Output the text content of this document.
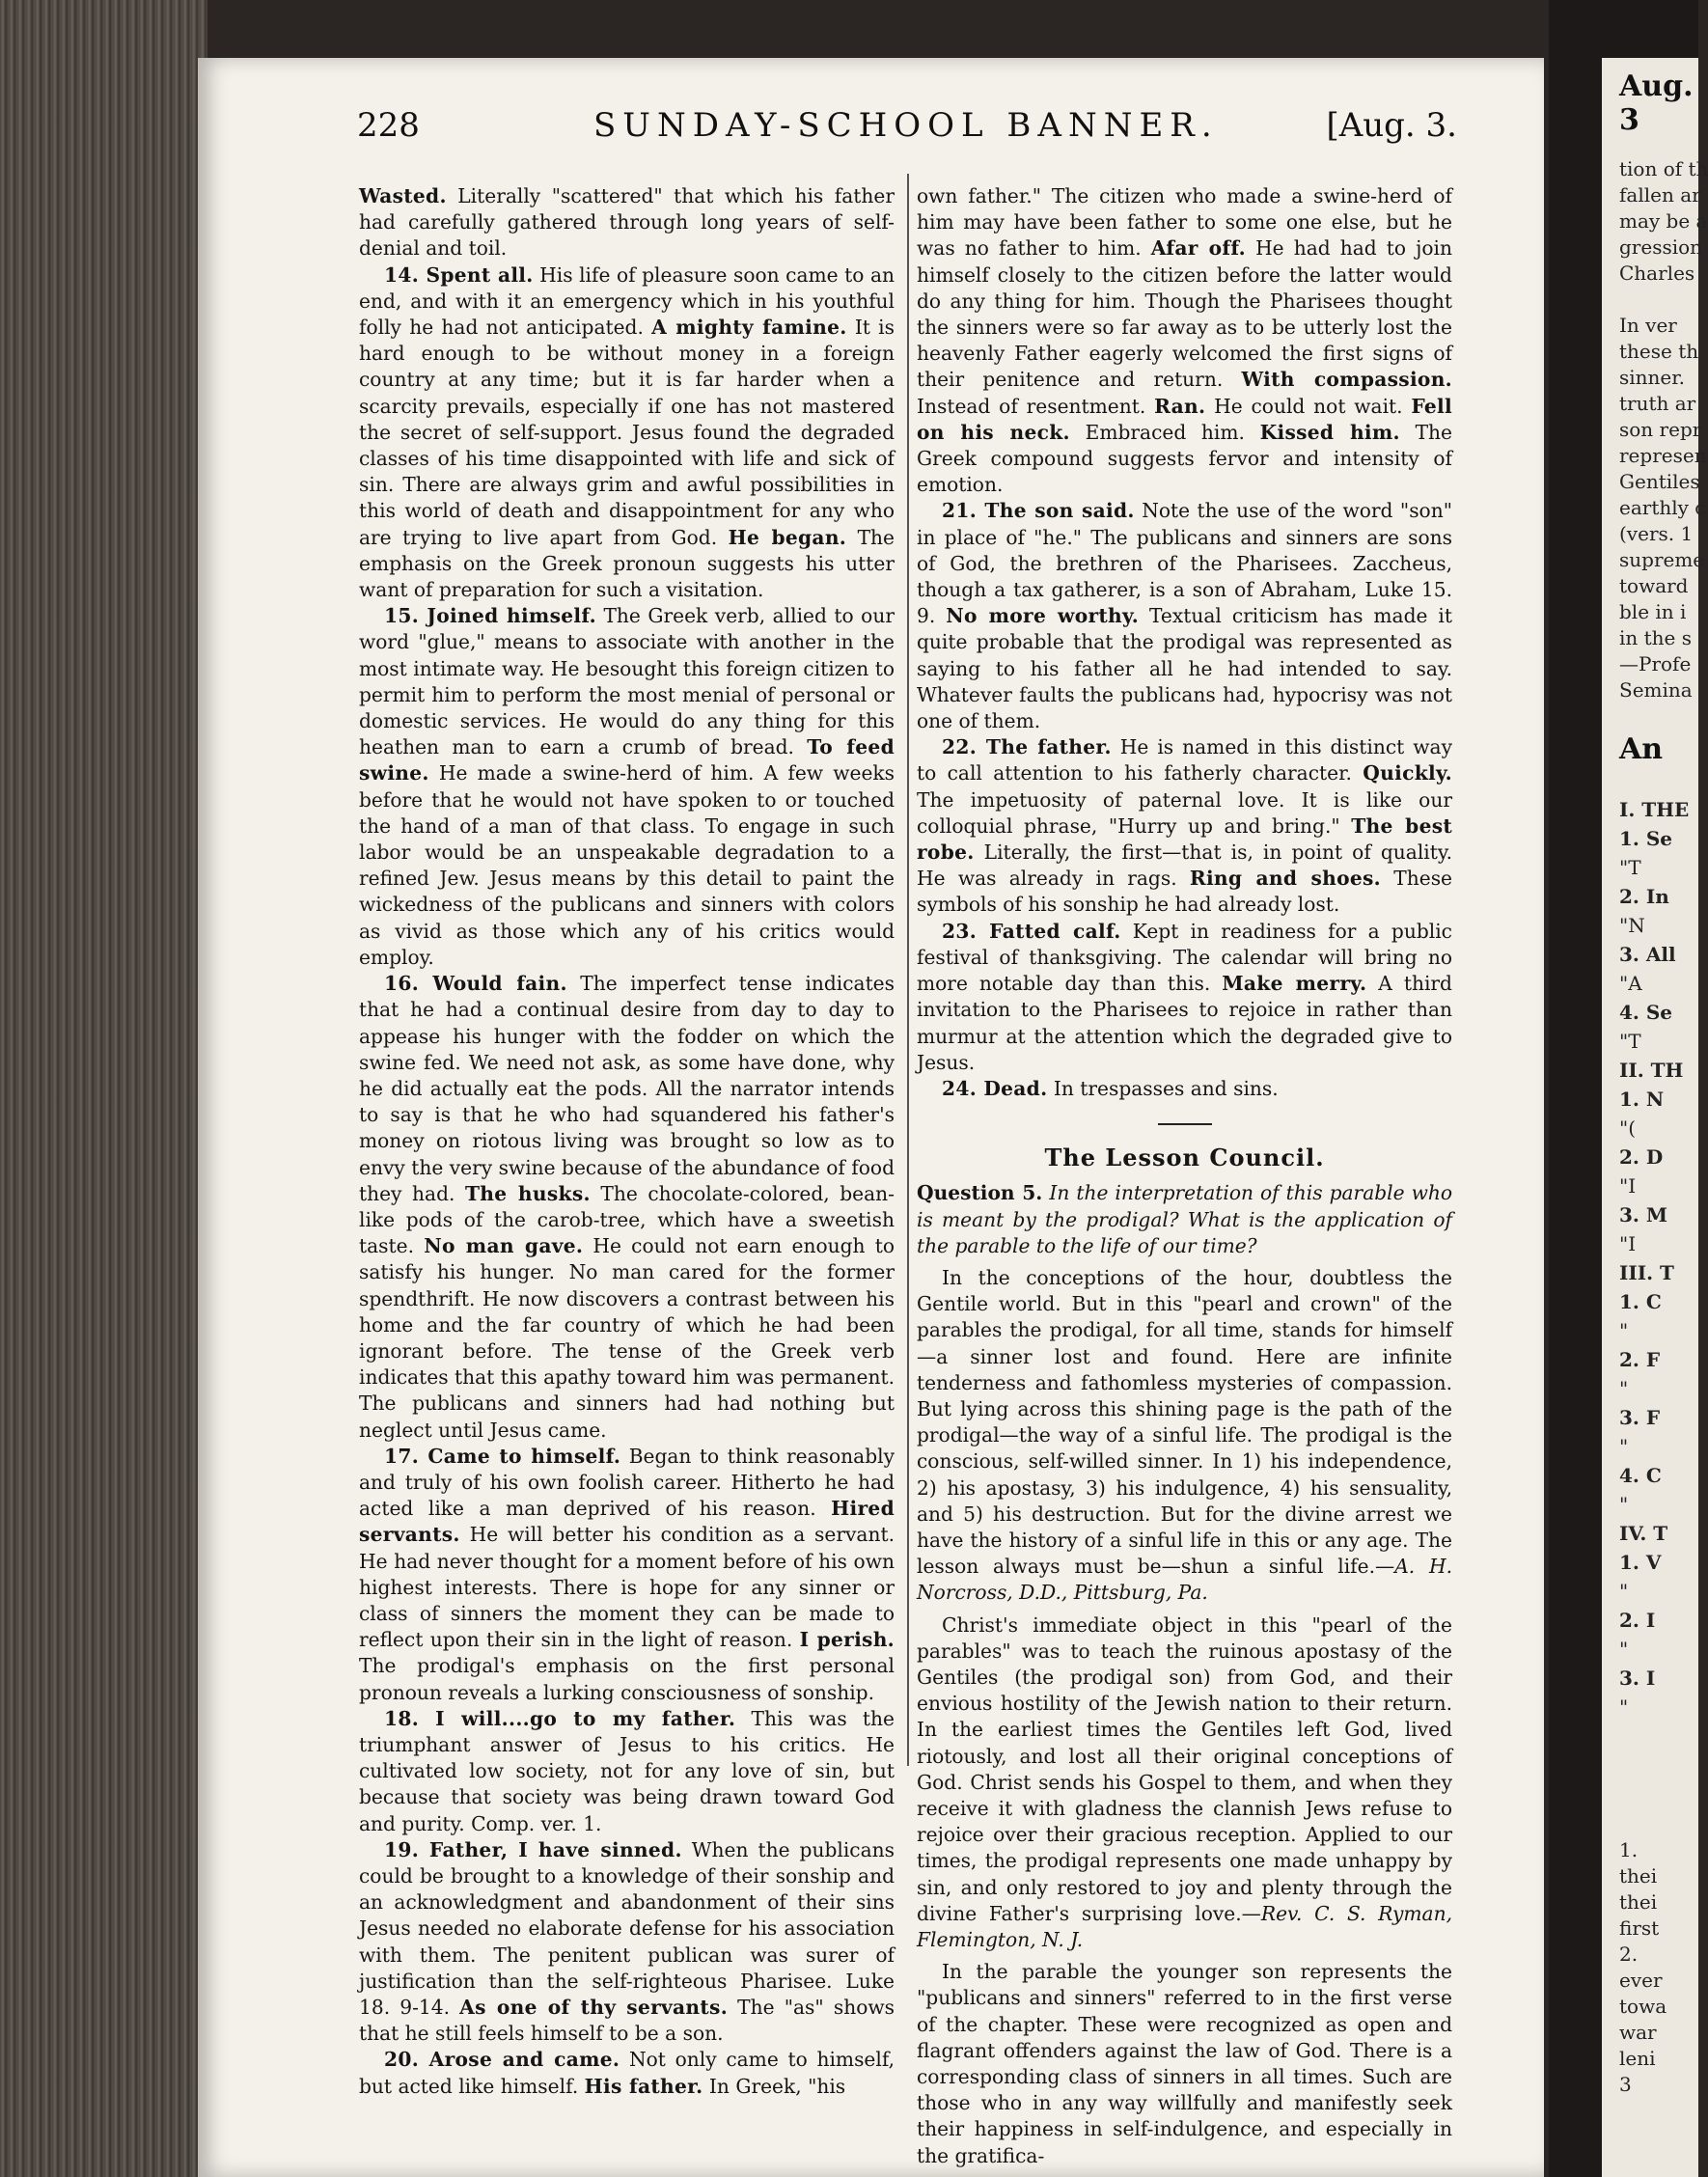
228	SUNDAY-SCHOOL BANNER.	[Aug. 3.

Wasted. Literally "scattered" that which his father had carefully gathered through long years of self-denial and toil.

14. Spent all. His life of pleasure soon came to an end, and with it an emergency which in his youthful folly he had not anticipated. A mighty famine. It is hard enough to be without money in a foreign country at any time; but it is far harder when a scarcity prevails, especially if one has not mastered the secret of self-support. Jesus found the degraded classes of his time disappointed with life and sick of sin. There are always grim and awful possibilities in this world of death and disappointment for any who are trying to live apart from God. He began. The emphasis on the Greek pronoun suggests his utter want of preparation for such a visitation.

15. Joined himself. The Greek verb, allied to our word "glue," means to associate with another in the most intimate way. He besought this foreign citizen to permit him to perform the most menial of personal or domestic services. He would do any thing for this heathen man to earn a crumb of bread. To feed swine. He made a swine-herd of him. A few weeks before that he would not have spoken to or touched the hand of a man of that class. To engage in such labor would be an unspeakable degradation to a refined Jew. Jesus means by this detail to paint the wickedness of the publicans and sinners with colors as vivid as those which any of his critics would employ.

16. Would fain. The imperfect tense indicates that he had a continual desire from day to day to appease his hunger with the fodder on which the swine fed. We need not ask, as some have done, why he did actually eat the pods. All the narrator intends to say is that he who had squandered his father's money on riotous living was brought so low as to envy the very swine because of the abundance of food they had. The husks. The chocolate-colored, bean-like pods of the carob-tree, which have a sweetish taste. No man gave. He could not earn enough to satisfy his hunger. No man cared for the former spendthrift. He now discovers a contrast between his home and the far country of which he had been ignorant before. The tense of the Greek verb indicates that this apathy toward him was permanent. The publicans and sinners had had nothing but neglect until Jesus came.

17. Came to himself. Began to think reasonably and truly of his own foolish career. Hitherto he had acted like a man deprived of his reason. Hired servants. He will better his condition as a servant. He had never thought for a moment before of his own highest interests. There is hope for any sinner or class of sinners the moment they can be made to reflect upon their sin in the light of reason. I perish. The prodigal's emphasis on the first personal pronoun reveals a lurking consciousness of sonship.

18. I will....go to my father. This was the triumphant answer of Jesus to his critics. He cultivated low society, not for any love of sin, but because that society was being drawn toward God and purity. Comp. ver. 1.

19. Father, I have sinned. When the publicans could be brought to a knowledge of their sonship and an acknowledgment and abandonment of their sins Jesus needed no elaborate defense for his association with them. The penitent publican was surer of justification than the self-righteous Pharisee. Luke 18. 9-14. As one of thy servants. The "as" shows that he still feels himself to be a son.

20. Arose and came. Not only came to himself, but acted like himself. His father. In Greek, "his

own father." The citizen who made a swine-herd of him may have been father to some one else, but he was no father to him. Afar off. He had had to join himself closely to the citizen before the latter would do any thing for him. Though the Pharisees thought the sinners were so far away as to be utterly lost the heavenly Father eagerly welcomed the first signs of their penitence and return. With compassion. Instead of resentment. Ran. He could not wait. Fell on his neck. Embraced him. Kissed him. The Greek compound suggests fervor and intensity of emotion.

21. The son said. Note the use of the word "son" in place of "he." The publicans and sinners are sons of God, the brethren of the Pharisees. Zaccheus, though a tax gatherer, is a son of Abraham, Luke 15. 9. No more worthy. Textual criticism has made it quite probable that the prodigal was represented as saying to his father all he had intended to say. Whatever faults the publicans had, hypocrisy was not one of them.

22. The father. He is named in this distinct way to call attention to his fatherly character. Quickly. The impetuosity of paternal love. It is like our colloquial phrase, "Hurry up and bring." The best robe. Literally, the first—that is, in point of quality. He was already in rags. Ring and shoes. These symbols of his sonship he had already lost.

23. Fatted calf. Kept in readiness for a public festival of thanksgiving. The calendar will bring no more notable day than this. Make merry. A third invitation to the Pharisees to rejoice in rather than murmur at the attention which the degraded give to Jesus.

24. Dead. In trespasses and sins.

The Lesson Council.

Question 5. In the interpretation of this parable who is meant by the prodigal? What is the application of the parable to the life of our time?

In the conceptions of the hour, doubtless the Gentile world. But in this "pearl and crown" of the parables the prodigal, for all time, stands for himself—a sinner lost and found. Here are infinite tenderness and fathomless mysteries of compassion. But lying across this shining page is the path of the prodigal—the way of a sinful life. The prodigal is the conscious, self-willed sinner. In 1) his independence, 2) his apostasy, 3) his indulgence, 4) his sensuality, and 5) his destruction. But for the divine arrest we have the history of a sinful life in this or any age. The lesson always must be—shun a sinful life.—A. H. Norcross, D.D., Pittsburg, Pa.

Christ's immediate object in this "pearl of the parables" was to teach the ruinous apostasy of the Gentiles (the prodigal son) from God, and their envious hostility of the Jewish nation to their return. In the earliest times the Gentiles left God, lived riotously, and lost all their original conceptions of God. Christ sends his Gospel to them, and when they receive it with gladness the clannish Jews refuse to rejoice over their gracious reception. Applied to our times, the prodigal represents one made unhappy by sin, and only restored to joy and plenty through the divine Father's surprising love.—Rev. C. S. Ryman, Flemington, N. J.

In the parable the younger son represents the "publicans and sinners" referred to in the first verse of the chapter. These were recognized as open and flagrant offenders against the law of God. There is a corresponding class of sinners in all times. Such are those who in any way willfully and manifestly seek their happiness in self-indulgence, and especially in the gratifica-

Aug. 3
tion of th
fallen ar
may be a
gression
Charles
In ver
these th
sinner.
truth ar
son repr
represen
Gentiles
earthly c
(vers. 1
supreme
toward
ble in i
in the s
—Profe
Semina
An
I. THE
1. Se
"T
2. In
"N
3. All
"A
4. Se
"T
II. TH
1. N
"(
2. D
"I
3. M
"I
III. T
1. C
"
2. F
"
3. F
"
4. C
"
IV. T
1. V
"
2. I
"
3. I
"
1.
thei
thei
first
2.
ever
towa
war
leni
3
